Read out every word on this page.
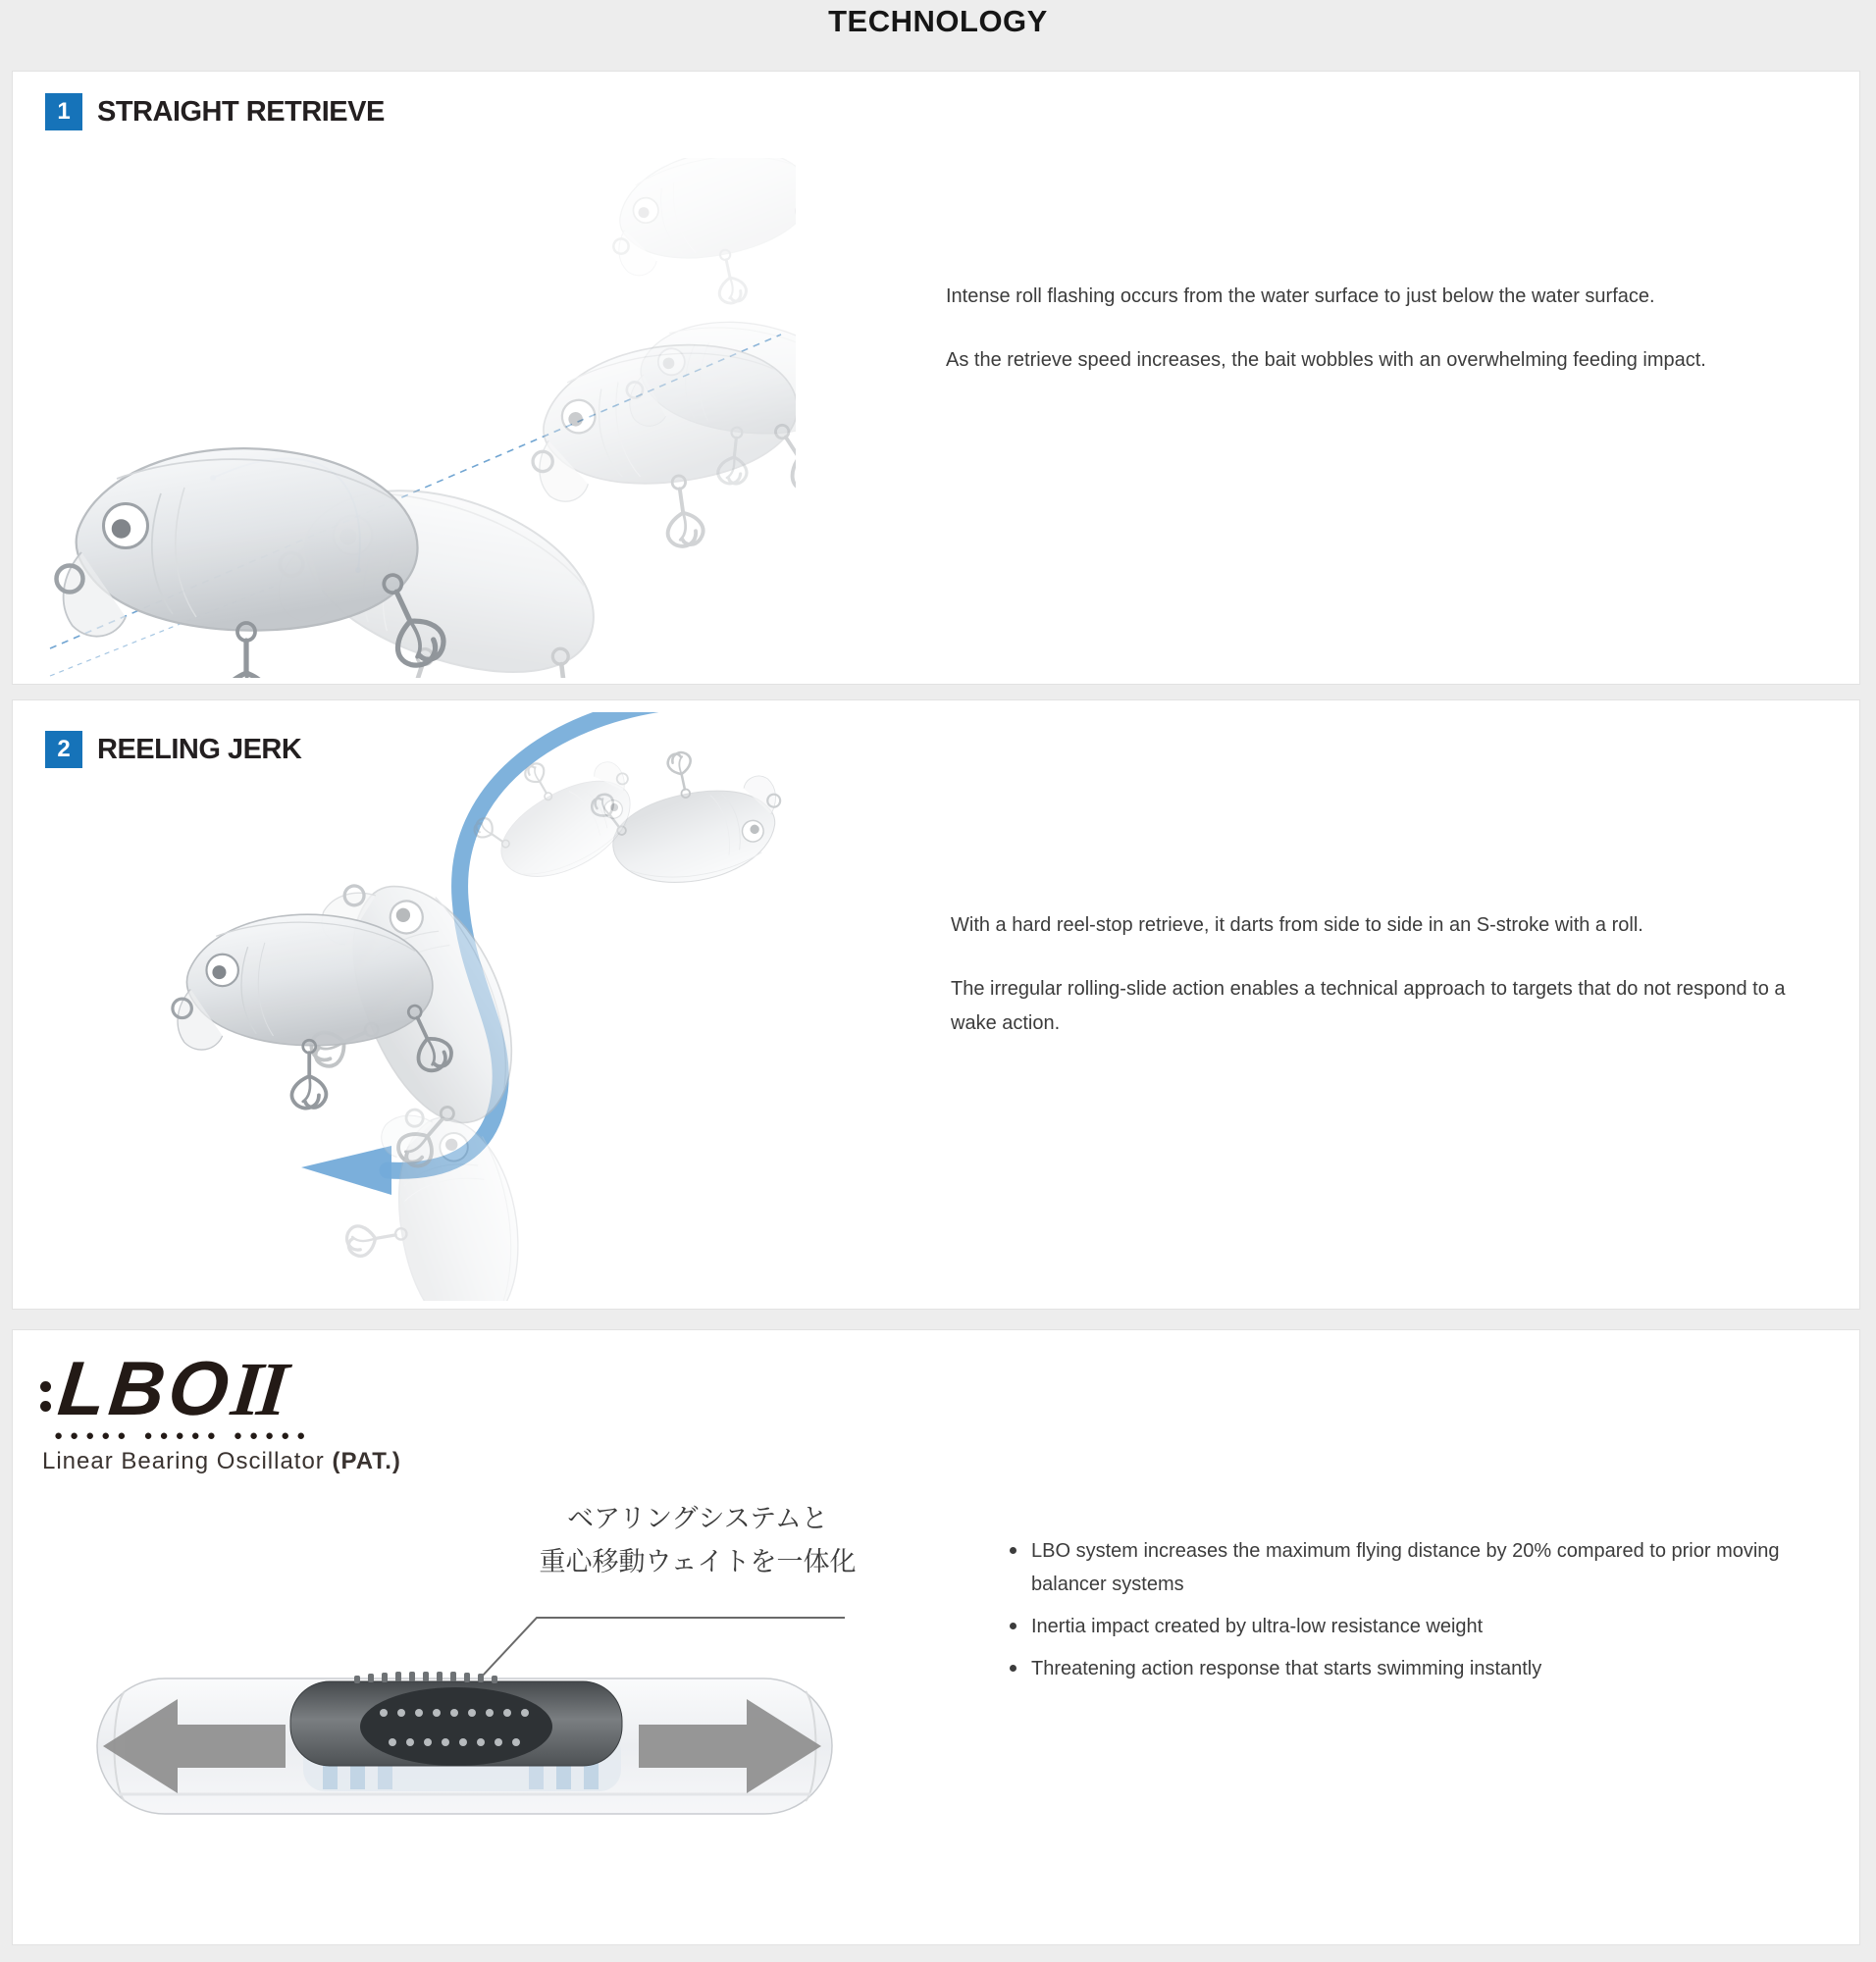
TECHNOLOGY
1 STRAIGHT RETRIEVE

Intense roll flashing occurs from the water surface to just below the water surface.

As the retrieve speed increases, the bait wobbles with an overwhelming feeding impact.

2 REELING JERK

With a hard reel-stop retrieve, it darts from side to side in an S-stroke with a roll.

The irregular rolling-slide action enables a technical approach to targets that do not respond to a wake action.

LBOII
●●●●● ●●●●● ●●●●●
Linear Bearing Oscillator (PAT.)
ベアリングシステムと
重心移動ウェイトを一体化	LBO system increases the maximum flying distance by 20% compared to prior moving balancer systems
Inertia impact created by ultra-low resistance weight
Threatening action response that starts swimming instantly
